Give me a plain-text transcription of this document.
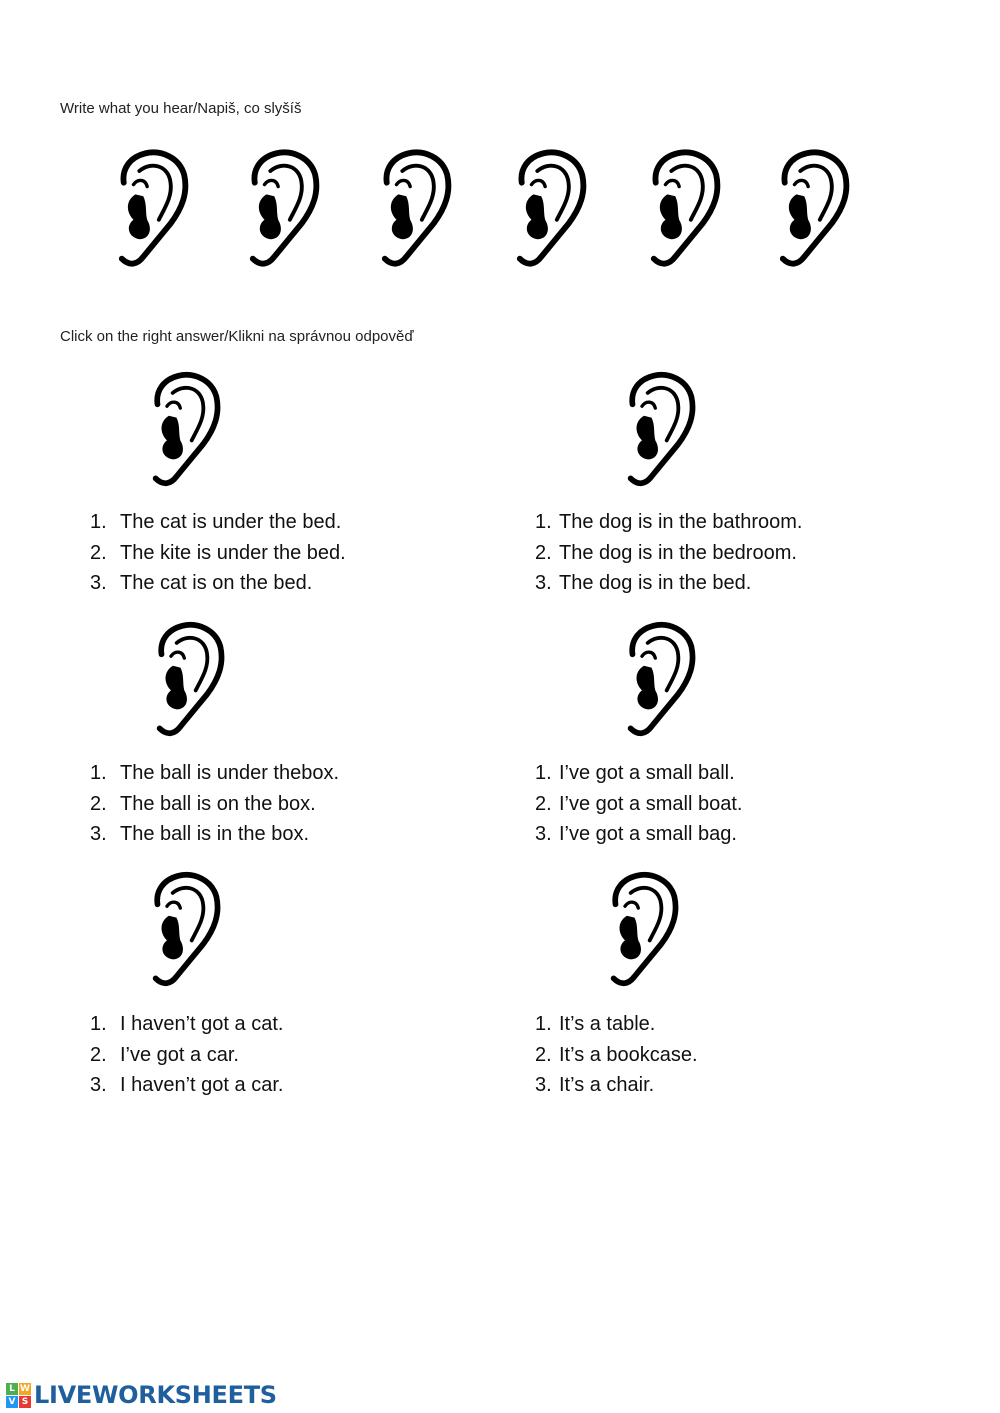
Write what you hear/Napiš, co slyšíš
Click on the right answer/Klikni na správnou odpověď
1. The cat is under the bed.
2. The kite is under the bed.
3. The cat is on the bed.
1. The dog is in the bathroom.
2. The dog is in the bedroom.
3. The dog is in the bed.
1. The ball is under thebox.
2. The ball is on the box.
3. The ball is in the box.
1. I’ve got a small ball.
2. I’ve got a small boat.
3. I’ve got a small bag.
1. I haven’t got a cat.
2. I’ve got a car.
3. I haven’t got a car.
1. It’s a table.
2. It’s a bookcase.
3. It’s a chair.
L W
V S LIVEWORKSHEETS
